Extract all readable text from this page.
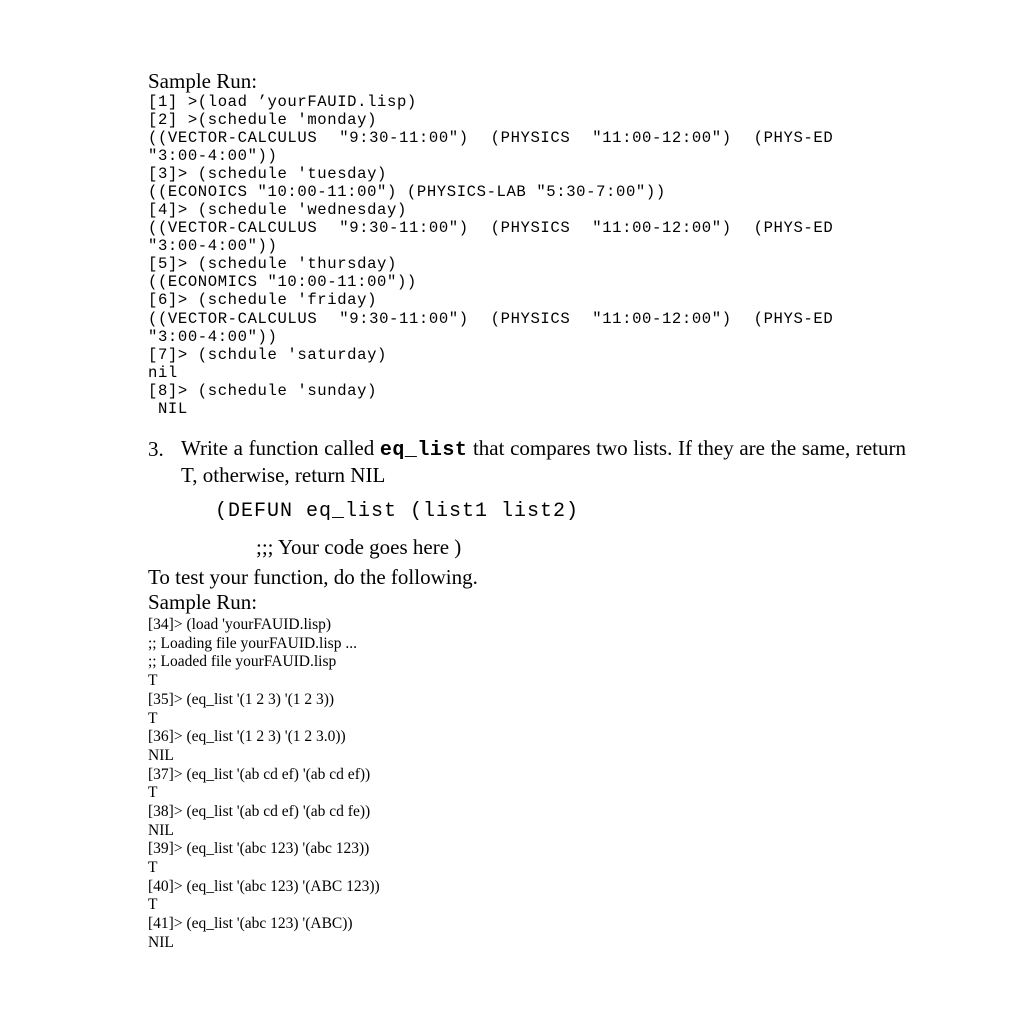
Sample Run:
[1] >(load ’yourFAUID.lisp)
[2] >(schedule 'monday)
((VECTOR-CALCULUS "9:30-11:00") (PHYSICS "11:00-12:00") (PHYS-ED "3:00-4:00"))
[3]> (schedule 'tuesday)
((ECONOICS "10:00-11:00") (PHYSICS-LAB "5:30-7:00"))
[4]> (schedule 'wednesday)
((VECTOR-CALCULUS "9:30-11:00") (PHYSICS "11:00-12:00") (PHYS-ED "3:00-4:00"))
[5]> (schedule 'thursday)
((ECONOMICS "10:00-11:00"))
[6]> (schedule 'friday)
((VECTOR-CALCULUS "9:30-11:00") (PHYSICS "11:00-12:00") (PHYS-ED "3:00-4:00"))
[7]> (schdule 'saturday)
nil
[8]> (schedule 'sunday)
NIL
3. Write a function called eq_list that compares two lists. If they are the same, return T, otherwise, return NIL
(DEFUN eq_list (list1 list2)
;;; Your code goes here )
To test your function, do the following.
Sample Run:
[34]> (load 'yourFAUID.lisp)
;; Loading file yourFAUID.lisp ...
;; Loaded file yourFAUID.lisp
T
[35]> (eq_list '(1 2 3) '(1 2 3))
T
[36]> (eq_list '(1 2 3) '(1 2 3.0))
NIL
[37]> (eq_list '(ab cd ef) '(ab cd ef))
T
[38]> (eq_list '(ab cd ef) '(ab cd fe))
NIL
[39]> (eq_list '(abc 123) '(abc 123))
T
[40]> (eq_list '(abc 123) '(ABC 123))
T
[41]> (eq_list '(abc 123) '(ABC))
NIL
